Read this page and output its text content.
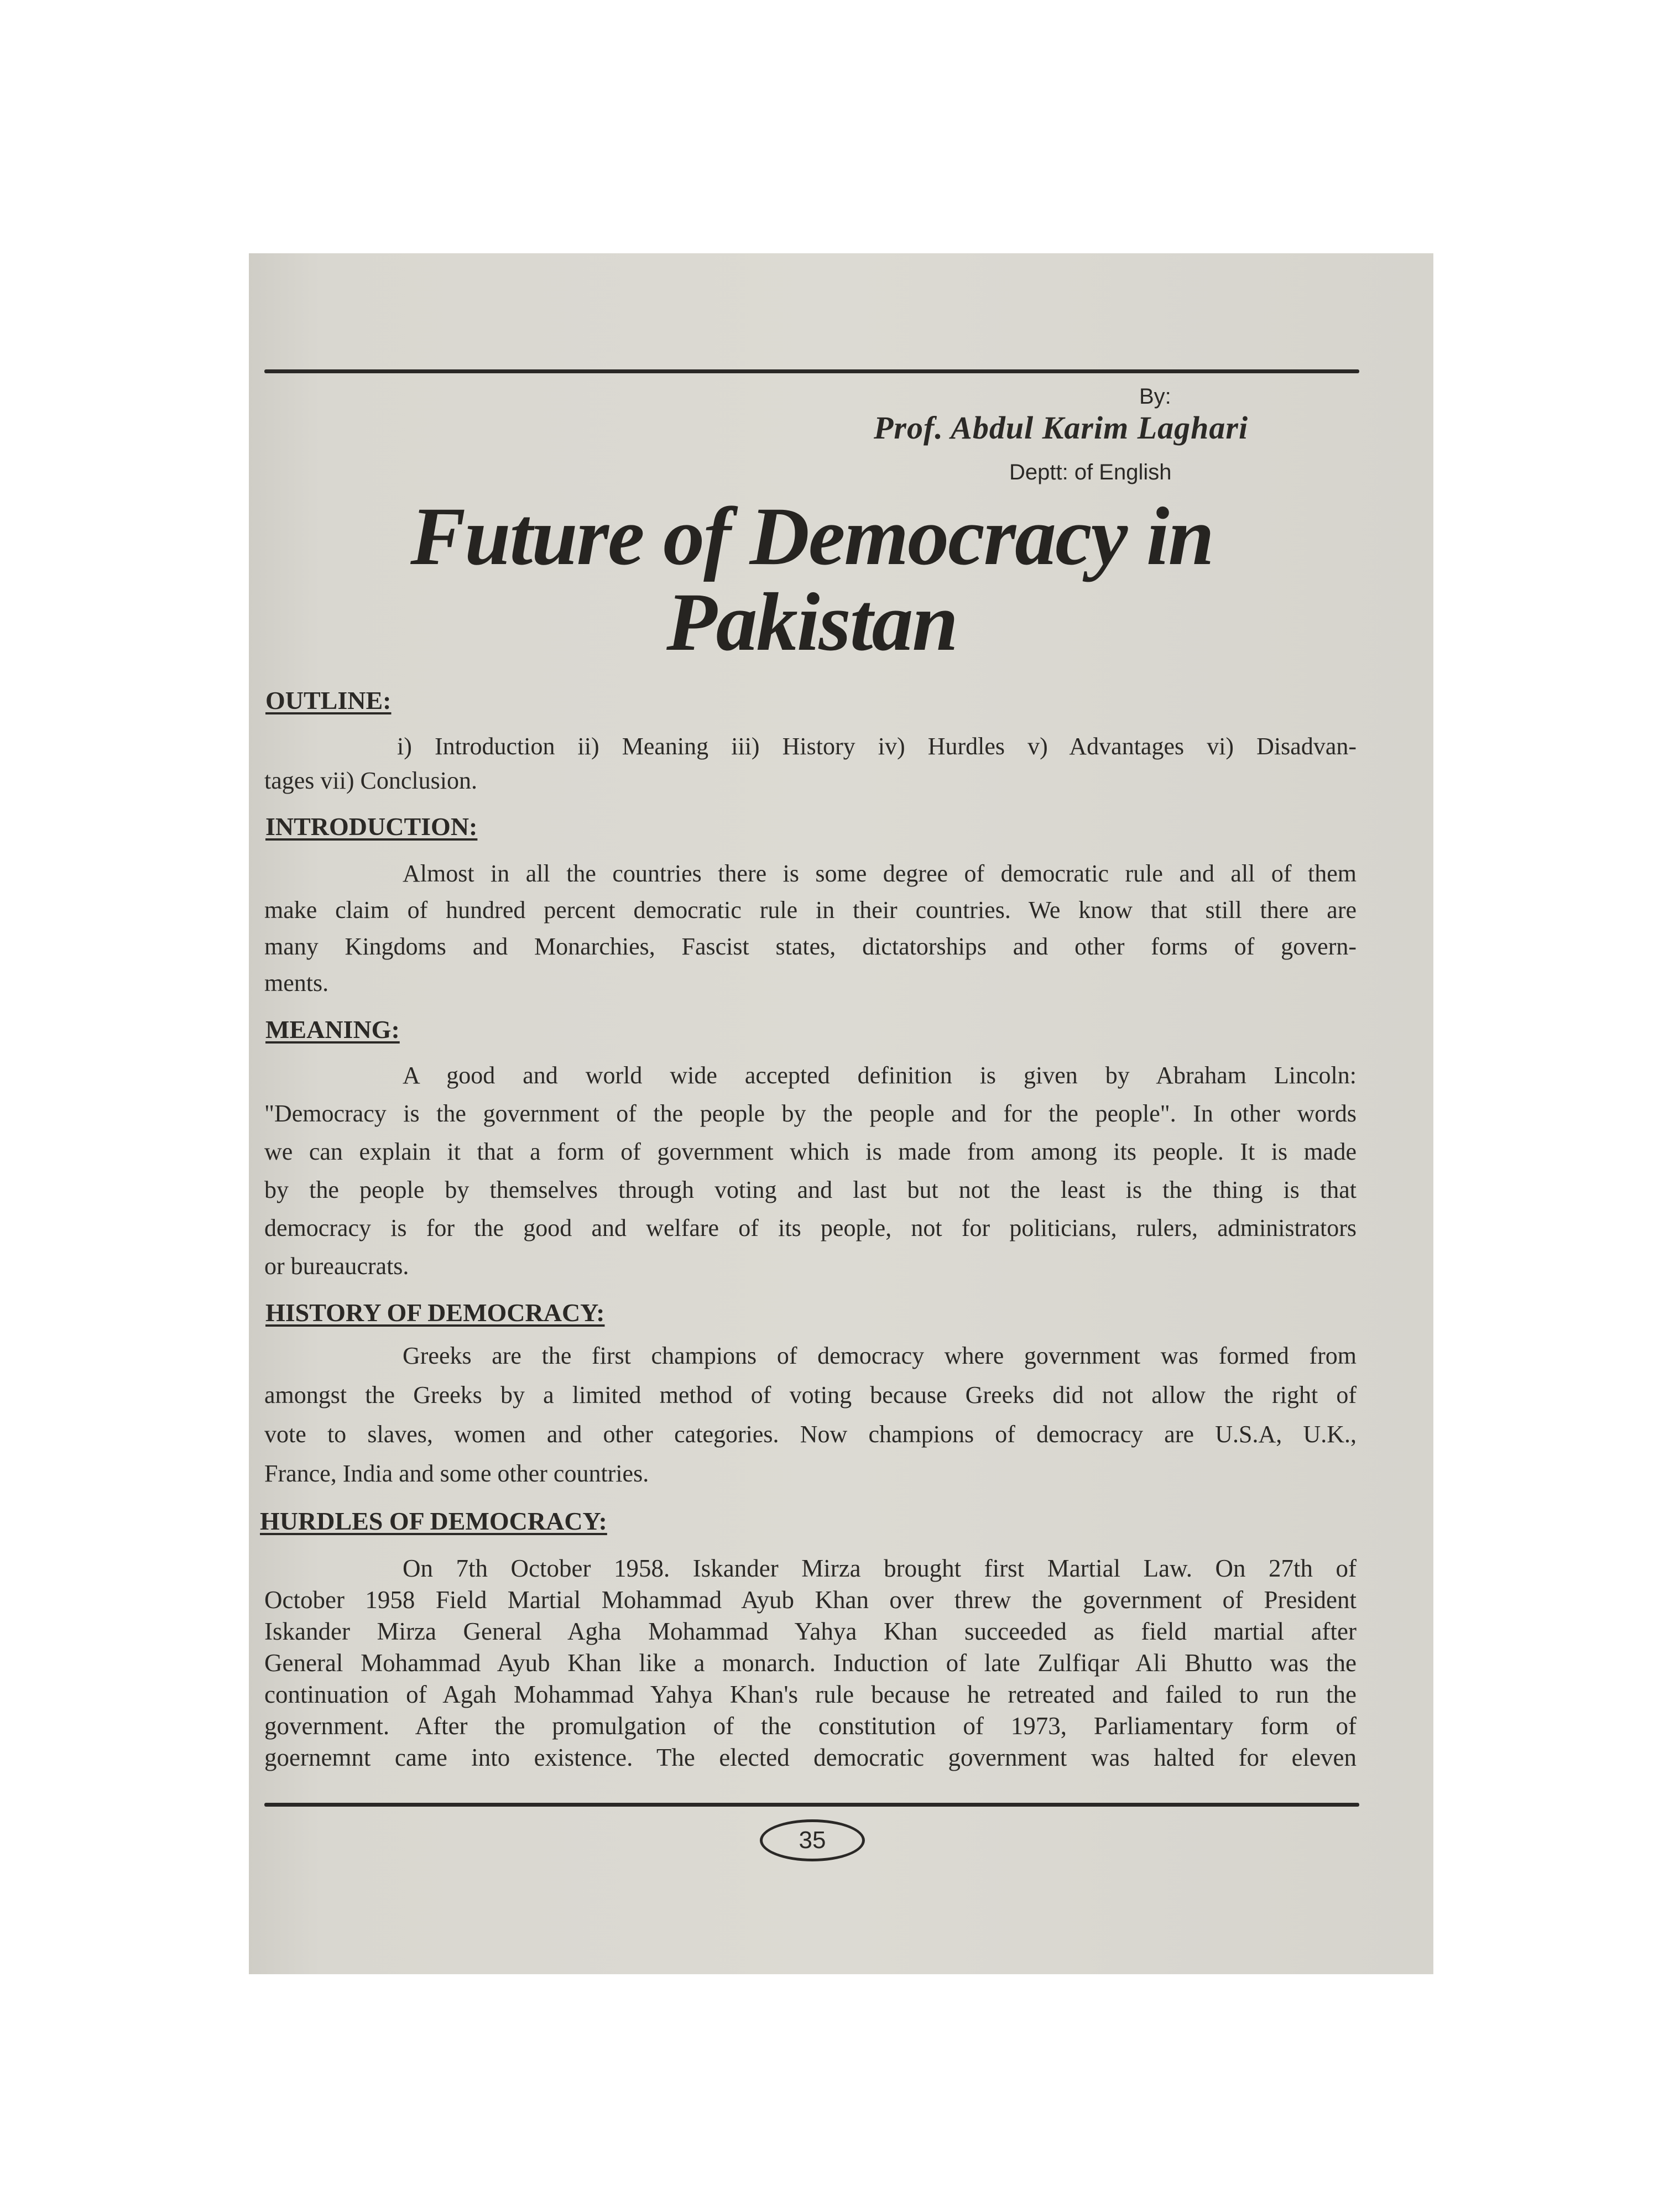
By:
Prof. Abdul Karim Laghari
Deptt: of English
Future of Democracy in
Pakistan
OUTLINE:
i) Introduction ii) Meaning iii) History iv) Hurdles v) Advantages vi) Disadvan-
tages vii) Conclusion.
INTRODUCTION:
Almost in all the countries there is some degree of democratic rule and all of them
make claim of hundred percent democratic rule in their countries. We know that still there are
many Kingdoms and Monarchies, Fascist states, dictatorships and other forms of govern-
ments.
MEANING:
A good and world wide accepted definition is given by Abraham Lincoln:
"Democracy is the government of the people by the people and for the people". In other words
we can explain it that a form of government which is made from among its people. It is made
by the people by themselves through voting and last but not the least is the thing is that
democracy is for the good and welfare of its people, not for politicians, rulers, administrators
or bureaucrats.
HISTORY OF DEMOCRACY:
Greeks are the first champions of democracy where government was formed from
amongst the Greeks by a limited method of voting because Greeks did not allow the right of
vote to slaves, women and other categories. Now champions of democracy are U.S.A, U.K.,
France, India and some other countries.
HURDLES OF DEMOCRACY:
On 7th October 1958. Iskander Mirza brought first Martial Law. On 27th of
October 1958 Field Martial Mohammad Ayub Khan over threw the government of President
Iskander Mirza General Agha Mohammad Yahya Khan succeeded as field martial after
General Mohammad Ayub Khan like a monarch. Induction of late Zulfiqar Ali Bhutto was the
continuation of Agah Mohammad Yahya Khan's rule because he retreated and failed to run the
government. After the promulgation of the constitution of 1973, Parliamentary form of
goernemnt came into existence. The elected democratic government was halted for eleven
35
